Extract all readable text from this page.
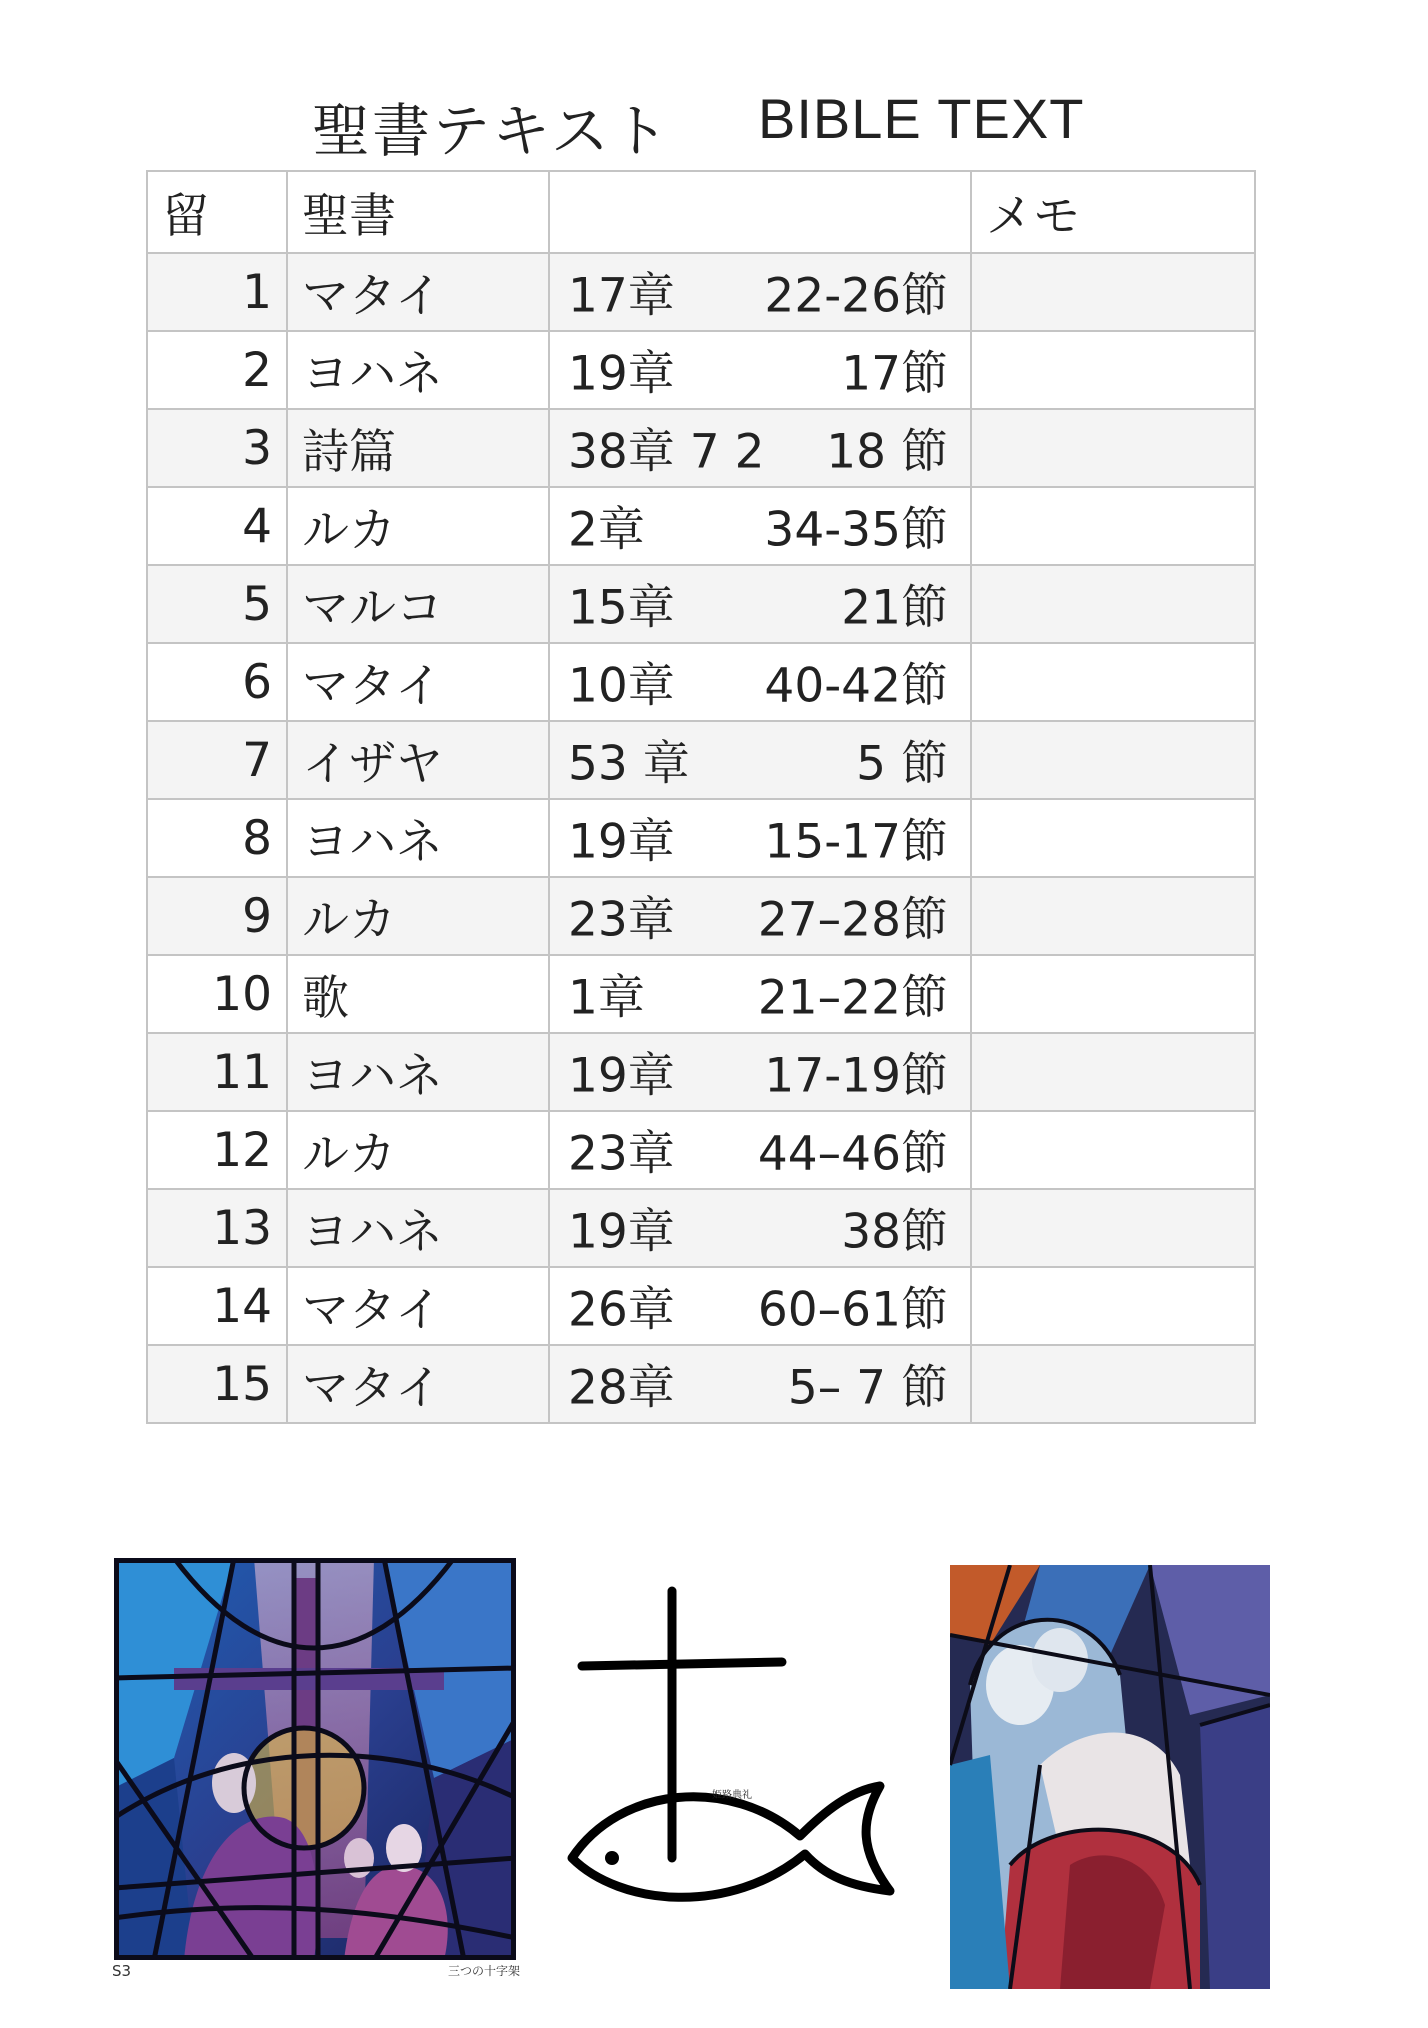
聖書テキスト BIBLE TEXT
留	聖書		メモ
1	マタイ	17章 22-26節	

2	ヨハネ	19章 17節	

3	詩篇	38章 7 2 18 節	

4	ルカ	2章 34-35節	

5	マルコ	15章 21節	

6	マタイ	10章 40-42節	

7	イザヤ	53 章 5 節	

8	ヨハネ	19章 15-17節	

9	ルカ	23章 27–28節	

10	歌	1章 21–22節	

11	ヨハネ	19章 17-19節	

12	ルカ	23章 44–46節	

13	ヨハネ	19章 38節	

14	マタイ	26章 60–61節	

15	マタイ	28章 5– 7 節	

S3	三つの十字架
姫路典礼
